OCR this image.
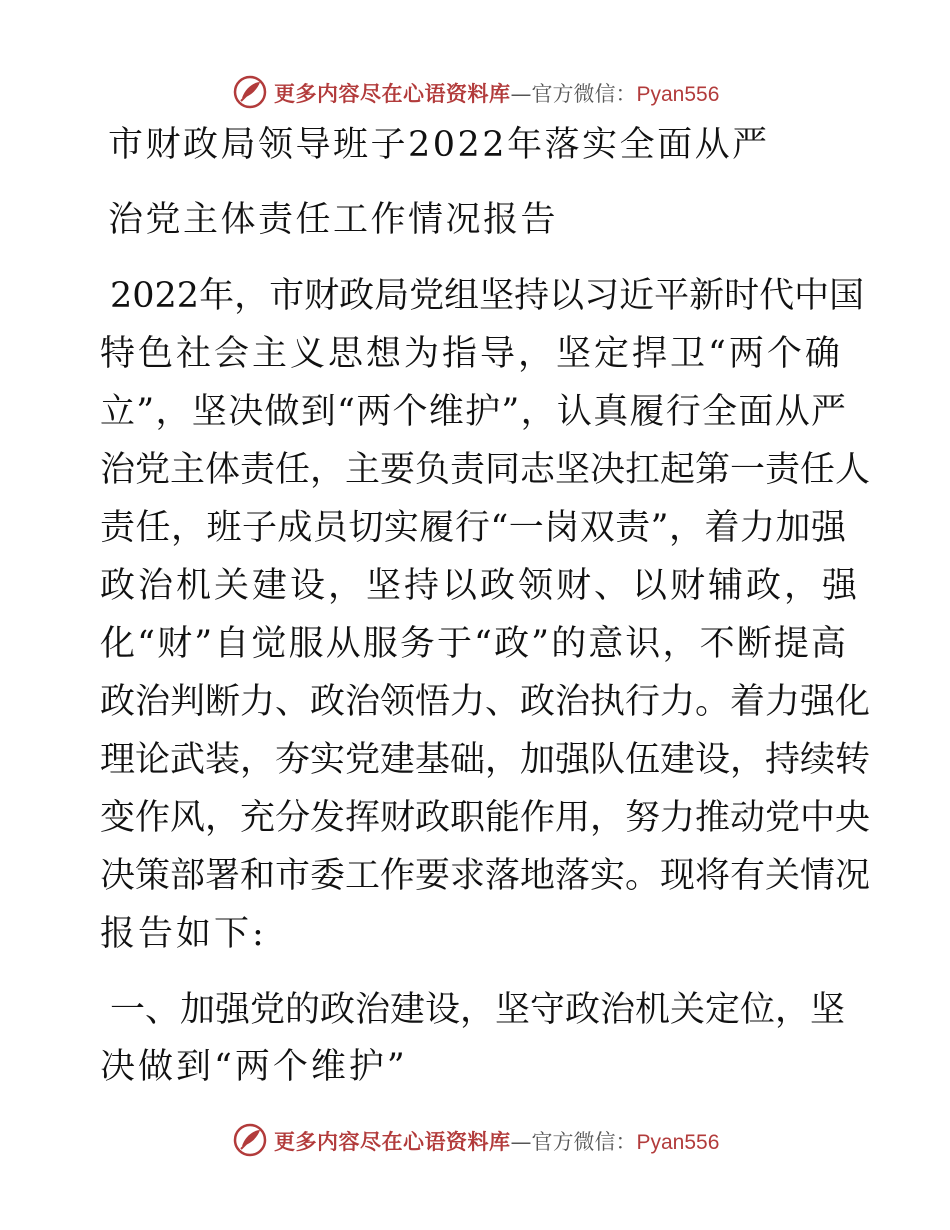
更多内容尽在心语资料库—官方微信：Pyan556
市财政局领导班子2022年落实全面从严
治党主体责任工作情况报告
2022年，市财政局党组坚持以习近平新时代中国
特色社会主义思想为指导，坚定捍卫“两个确
立”，坚决做到“两个维护”，认真履行全面从严
治党主体责任，主要负责同志坚决扛起第一责任人
责任，班子成员切实履行“一岗双责”，着力加强
政治机关建设，坚持以政领财、以财辅政，强
化“财”自觉服从服务于“政”的意识，不断提高
政治判断力、政治领悟力、政治执行力。着力强化
理论武装，夯实党建基础，加强队伍建设，持续转
变作风，充分发挥财政职能作用，努力推动党中央
决策部署和市委工作要求落地落实。现将有关情况
报告如下:
一、加强党的政治建设，坚守政治机关定位，坚
决做到“两个维护”
更多内容尽在心语资料库—官方微信：Pyan556
